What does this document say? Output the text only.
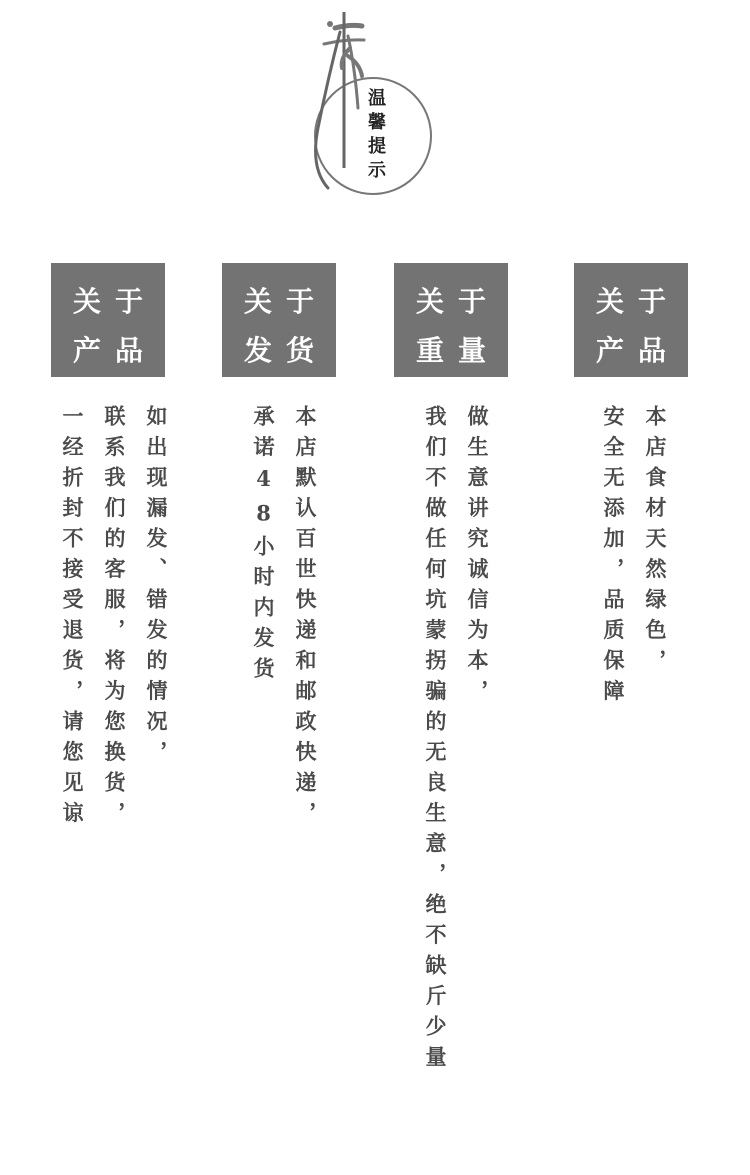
温馨提示
关于
产品
如出现漏发、错发的情况，
联系我们的客服，将为您换货，
一经折封不接受退货，请您见谅
关于
发货
本店默认百世快递和邮政快递，
承诺48小时内发货
关于
重量
做生意讲究诚信为本，
我们不做任何坑蒙拐骗的无良生意，绝不缺斤少量
关于
产品
本店食材天然绿色，
安全无添加，品质保障
